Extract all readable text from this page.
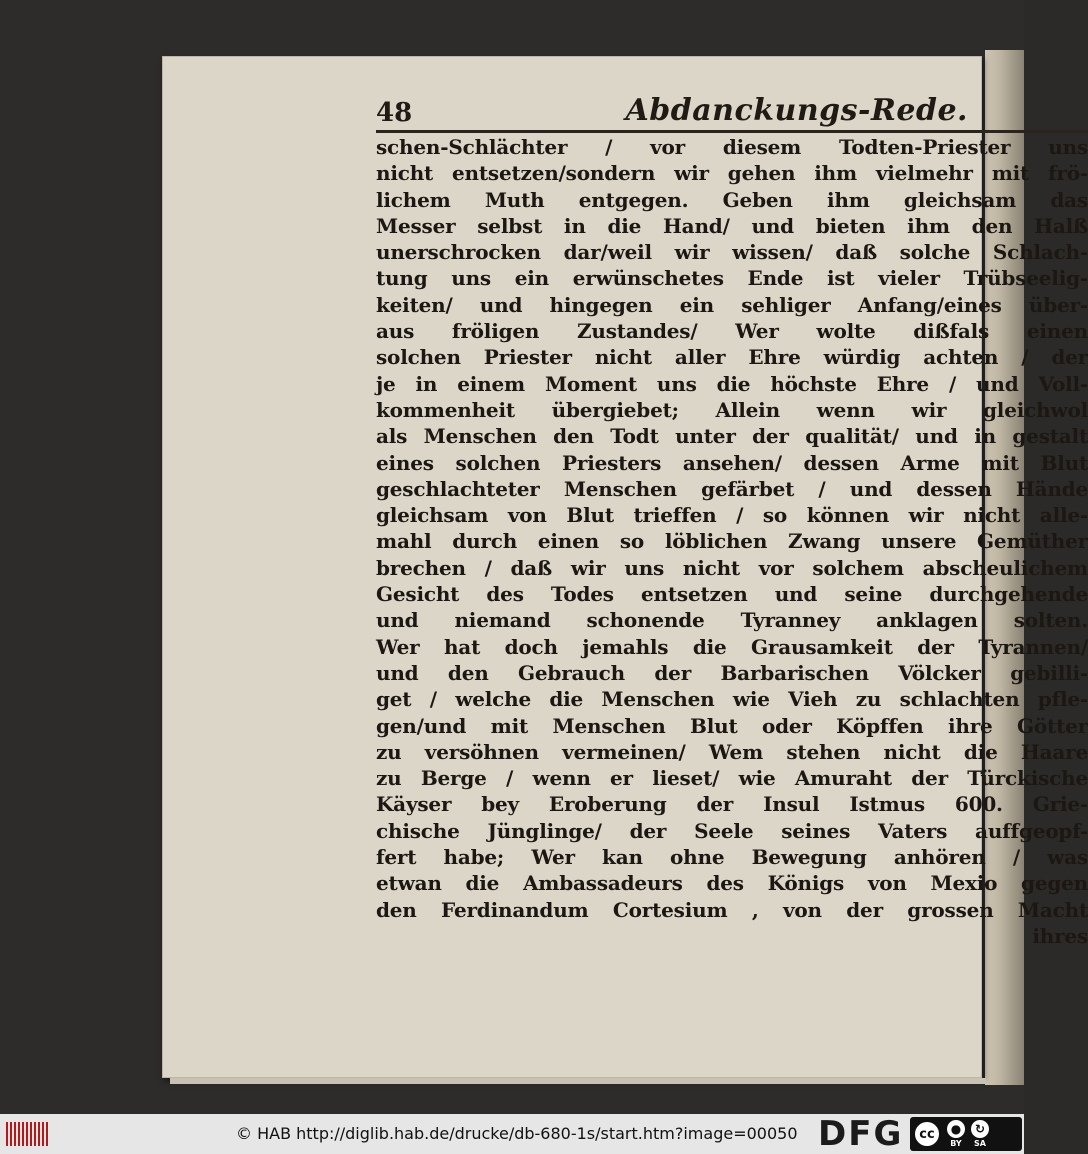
48	Abdanckungs-Rede.
schen-Schlächter / vor diesem Todten-Priester uns
nicht entsetzen/sondern wir gehen ihm vielmehr mit frö-
lichem Muth entgegen. Geben ihm gleichsam das
Messer selbst in die Hand/ und bieten ihm den Halß
unerschrocken dar/weil wir wissen/ daß solche Schlach-
tung uns ein erwünschetes Ende ist vieler Trübseelig-
keiten/ und hingegen ein sehliger Anfang/eines über-
aus fröligen Zustandes/ Wer wolte dißfals einen
solchen Priester nicht aller Ehre würdig achten / der
je in einem Moment uns die höchste Ehre / und Voll-
kommenheit übergiebet; Allein wenn wir gleichwol
als Menschen den Todt unter der qualität/ und in gestalt
eines solchen Priesters ansehen/ dessen Arme mit Blut
geschlachteter Menschen gefärbet / und dessen Hände
gleichsam von Blut trieffen / so können wir nicht alle-
mahl durch einen so löblichen Zwang unsere Gemüther
brechen / daß wir uns nicht vor solchem abscheulichem
Gesicht des Todes entsetzen und seine durchgehende
und niemand schonende Tyranney anklagen solten.
Wer hat doch jemahls die Grausamkeit der Tyrannen/
und den Gebrauch der Barbarischen Völcker gebilli-
get / welche die Menschen wie Vieh zu schlachten pfle-
gen/und mit Menschen Blut oder Köpffen ihre Götter
zu versöhnen vermeinen/ Wem stehen nicht die Haare
zu Berge / wenn er lieset/ wie Amuraht der Türckische
Käyser bey Eroberung der Insul Istmus 600. Grie-
chische Jünglinge/ der Seele seines Vaters auffgeopf-
fert habe; Wer kan ohne Bewegung anhören / was
etwan die Ambassadeurs des Königs von Mexio gegen
den Ferdinandum Cortesium , von der grossen Macht
ihres
© HAB http://diglib.hab.de/drucke/db-680-1s/start.htm?image=00050 DFG	cc	●
BY
↻
SA
